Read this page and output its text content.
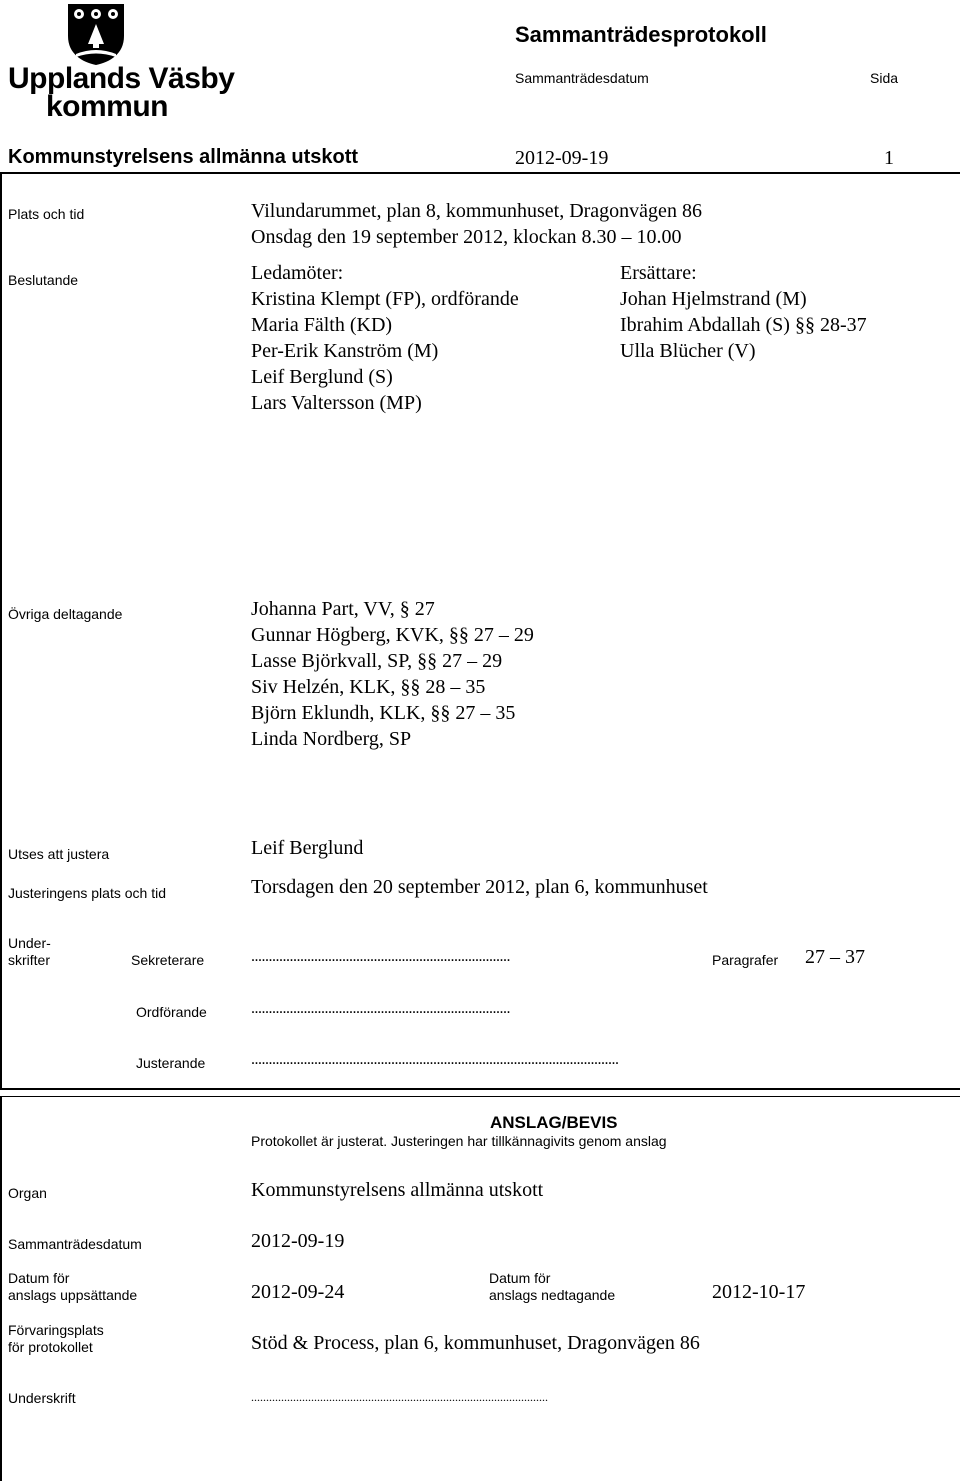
Upplands Väsby
kommun
Sammanträdesprotokoll
Sammanträdesdatum	Sida
Kommunstyrelsens allmänna utskott	2012-09-19	1
Plats och tid	Vilundarummet, plan 8, kommunhuset, Dragonvägen 86
Onsdag den 19 september 2012, klockan 8.30 – 10.00
Beslutande	Ledamöter:
Kristina Klempt (FP), ordförande
Maria Fälth (KD)
Per-Erik Kanström (M)
Leif Berglund (S)
Lars Valtersson (MP)
Ersättare:
Johan Hjelmstrand (M)
Ibrahim Abdallah (S) §§ 28-37
Ulla Blücher (V)
Övriga deltagande	Johanna Part, VV, § 27
Gunnar Högberg, KVK, §§ 27 – 29
Lasse Björkvall, SP, §§ 27 – 29
Siv Helzén, KLK, §§ 28 – 35
Björn Eklundh, KLK, §§ 27 – 35
Linda Nordberg, SP
Utses att justera	Leif Berglund
Justeringens plats och tid	Torsdagen den 20 september 2012, plan 6, kommunhuset
Under-
skrifter	Sekreterare	..........................................................................	Paragrafer 27 – 37
Ordförande	..........................................................................
Justerande	.........................................................................................................
ANSLAG/BEVIS
Protokollet är justerat. Justeringen har tillkännagivits genom anslag
Organ	Kommunstyrelsens allmänna utskott
Sammanträdesdatum	2012-09-19
Datum för
anslags uppsättande	2012-09-24
Datum för
anslags nedtagande	2012-10-17
Förvaringsplats
för protokollet	Stöd & Process, plan 6, kommunhuset, Dragonvägen 86
Underskrift	...................................................................................................
